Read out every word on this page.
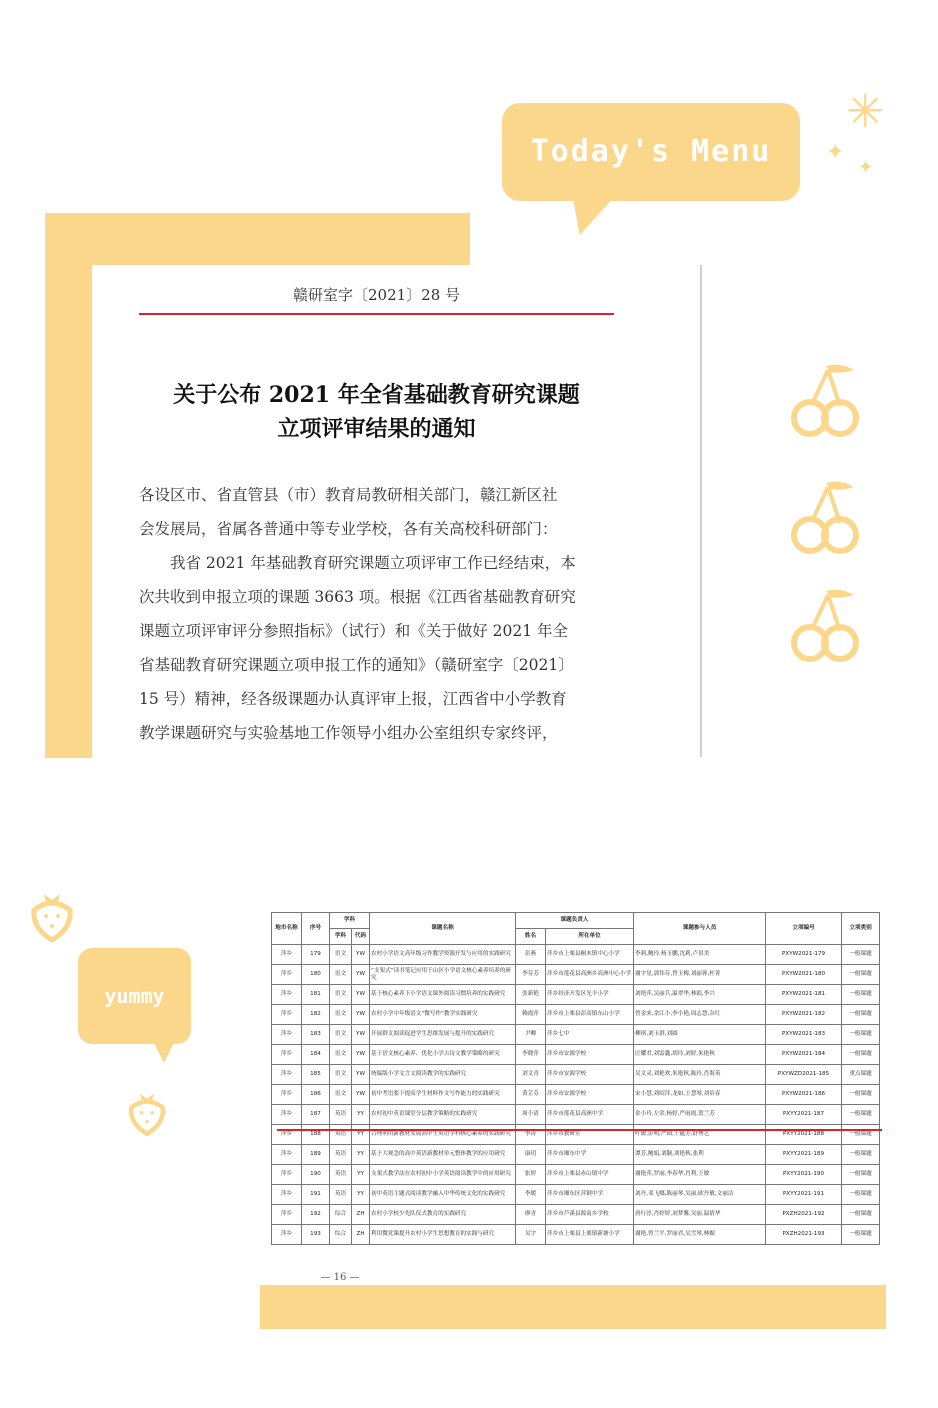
Today's Menu
✳
✦
✦
赣研室字〔2021〕28 号
关于公布 2021 年全省基础教育研究课题
立项评审结果的通知

各设区市、省直管县（市）教育局教研相关部门，赣江新区社

会发展局，省属各普通中等专业学校，各有关高校科研部门：

　　我省 2021 年基础教育研究课题立项评审工作已经结束，本

次共收到申报立项的课题 3663 项。根据《江西省基础教育研究

课题立项评审评分参照指标》（试行）和《关于做好 2021 年全

省基础教育研究课题立项申报工作的通知》（赣研室字〔2021〕

15 号）精神，经各级课题办认真评审上报，江西省中小学教育

教学课题研究与实验基地工作领导小组办公室组织专家终评，

yummy
地市名称	序号	学科		课题名称	课题负责人		课题参与人员	立项编号	立项类别
		学科	代码		姓名	所在单位			
萍乡	179	语文	YW	农村小学语文高年级习作教学资源开发与应用的实践研究	彭燕	萍乡市上栗县桐木镇中心小学	李莉,鲍玲,杨玉鹏,沈莉,卢景美	PXYW2021-179	一般课题
萍乡	180	语文	YW	“支架式”读书笔记应用于山区小学语文核心素养培养的研究	李芬芳	萍乡市莲花县高洲乡高洲中心小学	谢宇星,郭伟芬,曾玉梅,刘丽蓉,杜菁	PXYW2021-180	一般课题
萍乡	181	语文	YW	基于核心素养下小学语文课外阅读习惯培养的实践研究	张新艳	萍乡经济开发区光丰小学	刘艳萍,吴丽兵,温翠华,林娟,李兴	PXYW2021-181	一般课题
萍乡	182	语文	YW	农村小学中年级语文“微写作”教学实践研究	赖霞萍	萍乡市上栗县彭高镇东山小学	曾金来,余江小,李小艳,周志慧,杂红	PXYW2021-182	一般课题
萍乡	183	语文	YW	开展群文阅读促进学生思维发展与提升的实践研究	尹卿	萍乡七中	柳琪,刘玉群,刘圆	PXYW2021-183	一般课题
萍乡	184	语文	YW	基于语文核心素养、优化小学古诗文教学策略的研究	李晓萍	萍乡市安源学校	匡耀君,刘雷鑫,胡玲,刘婷,朱艳秋	PXYW2021-184	一般课题
萍乡	185	语文	YW	统编版小学文言文阅读教学的实践研究	刘文青	萍乡市安源学校	吴文灵,刘艳欢,朱艳秋,陈玲,肖海英	PXYWZD2021-185	重点课题
萍乡	186	语文	YW	初中考语要下提高学生材料作文写作能力的实践研究	黄芷芬	萍乡市安源学校	宋小慧,刘绍萍,龙如,王慧琴,刘培春	PXYW2021-186	一般课题
萍乡	187	英语	YY	农村初中英语课堂分层教学策略的实践研究	周小清	萍乡市莲花县高洲中学	金小玲,左金,杨婷,严雨霞,贺兰芳	PXYY2021-187	一般课题
萍乡	188	英语	YY	合理利用新教材发展高中生英语学科核心素养的实践研究	李涛	萍乡市教研室	叶敏,彭明,严园,王蕴芳,舒博艺	PXYY2021-188	一般课题
萍乡	189	英语	YY	基于大观念的高中英语新教材单元整体教学的应用研究	康玥	萍乡市湘东中学	谭芳,鲍娟,刘颖,刘艳秋,张利	PXYY2021-189	一般课题
萍乡	190	英语	YY	支架式教学法在农村初中小学英语阅读教学中的应用研究	张婷	萍乡市上栗县赤山镇中学	谢艳萍,罗丽,李春华,肖利,王敏	PXYY2021-190	一般课题
萍乡	191	英语	YY	初中英语主题式阅读教学融入中华传统文化的实践研究	李媛	萍乡市湘东区萍钢中学	刘丹,邓飞娜,陈丽琴,吴丽,欧丹敏,文丽洁	PXYY2021-191	一般课题
萍乡	192	综合	ZH	农村小学校少先队仪式教育的实践研究	廖青	萍乡市芦溪县源南乡学校	唐行淳,肖婷婷,刘梦馨,吴丽,温倩华	PXZH2021-192	一般课题
萍乡	193	综合	ZH	利用微党课提升农村小学生思想教育的实践与研究	吴宇	萍乡市上栗县上栗镇新塘小学	谢艳,曾兰平,罗丽君,吴雪琴,林媚	PXZH2021-193	一般课题
— 16 —
